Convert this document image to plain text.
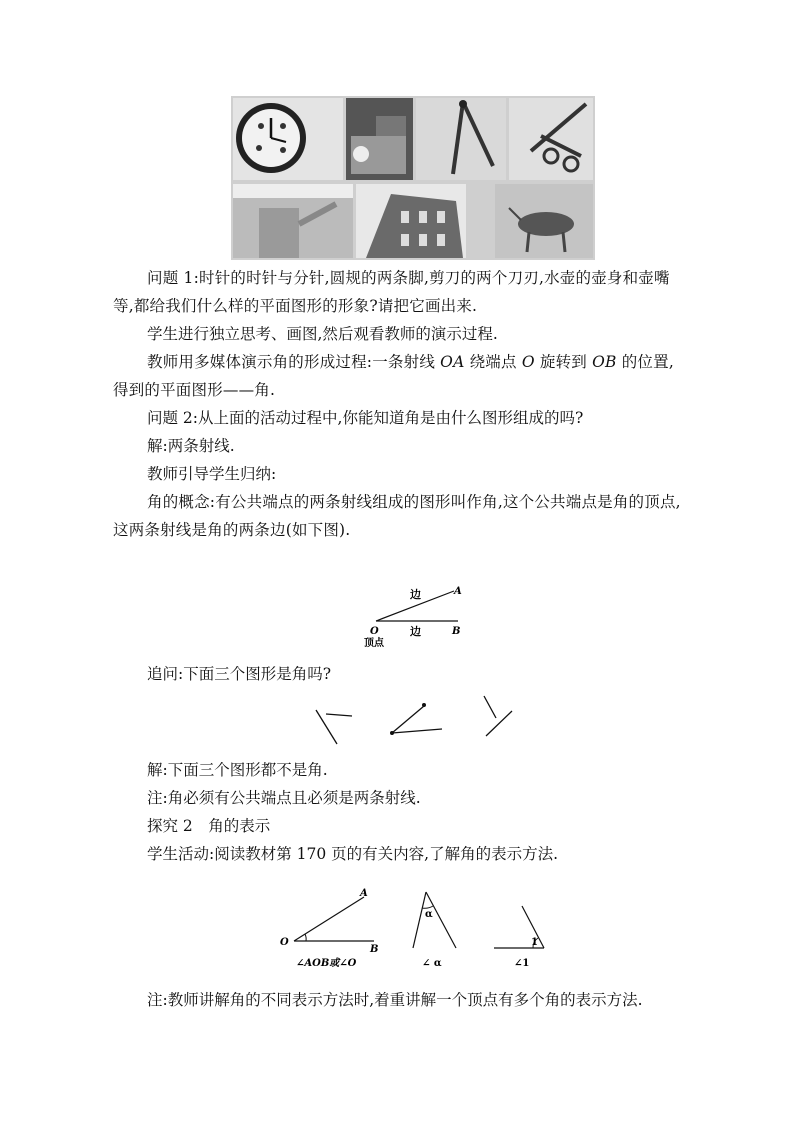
问题 1:时针的时针与分针,圆规的两条脚,剪刀的两个刀刃,水壶的壶身和壶嘴等,都给我们什么样的平面图形的形象?请把它画出来.

学生进行独立思考、画图,然后观看教师的演示过程.

教师用多媒体演示角的形成过程:一条射线 OA 绕端点 O 旋转到 OB 的位置,得到的平面图形——角.

问题 2:从上面的活动过程中,你能知道角是由什么图形组成的吗?

解:两条射线.

教师引导学生归纳:

角的概念:有公共端点的两条射线组成的图形叫作角,这个公共端点是角的顶点,这两条射线是角的两条边(如下图).

边	A
O	边	B
顶点

追问:下面三个图形是角吗?

解:下面三个图形都不是角.

注:角必须有公共端点且必须是两条射线.

探究 2　角的表示

学生活动:阅读教材第 170 页的有关内容,了解角的表示方法.

A
O
B
∠AOB或∠O
α
∠ α
1
∠1

注:教师讲解角的不同表示方法时,着重讲解一个顶点有多个角的表示方法.
